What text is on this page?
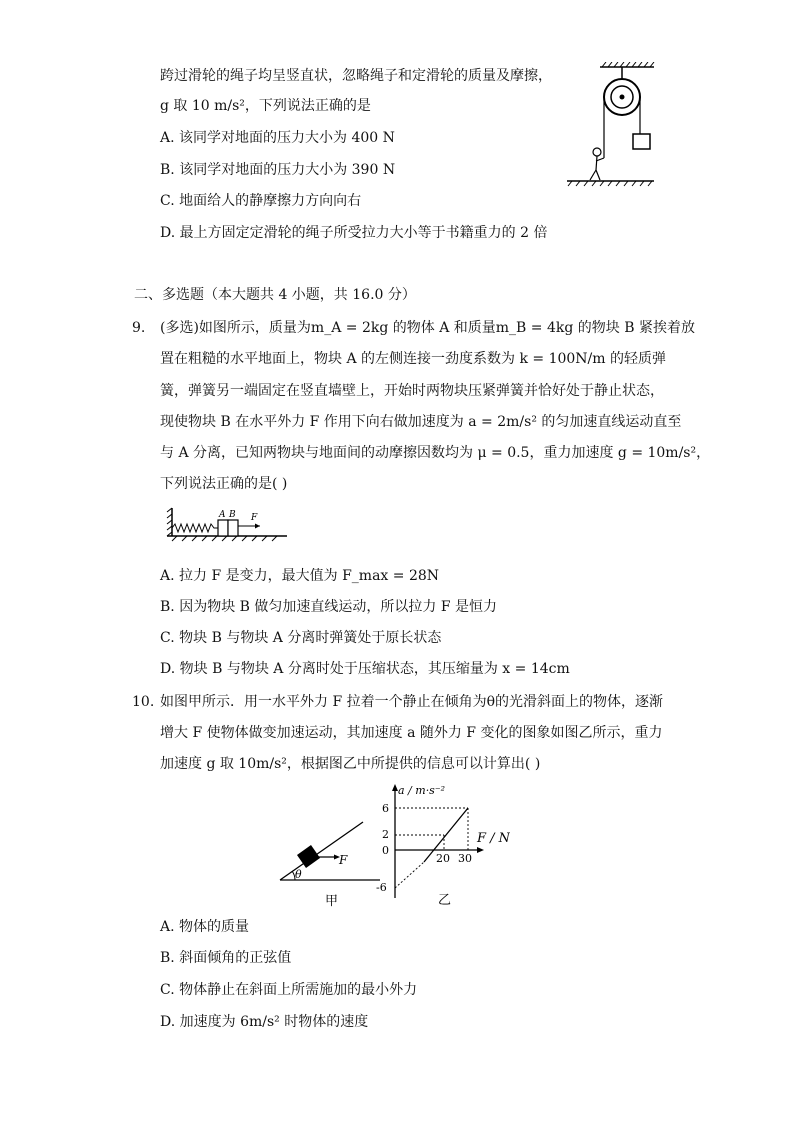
跨过滑轮的绳子均呈竖直状，忽略绳子和定滑轮的质量及摩擦，
g 取 10 m/s²，下列说法正确的是
A. 该同学对地面的压力大小为 400 N
B. 该同学对地面的压力大小为 390 N
C. 地面给人的静摩擦力方向向右
D. 最上方固定定滑轮的绳子所受拉力大小等于书籍重力的 2 倍
二、多选题（本大题共 4 小题，共 16.0 分）
9. (多选)如图所示，质量为m_A = 2kg 的物体 A 和质量m_B = 4kg 的物块 B 紧挨着放
置在粗糙的水平地面上，物块 A 的左侧连接一劲度系数为 k = 100N/m 的轻质弹
簧，弹簧另一端固定在竖直墙壁上，开始时两物块压紧弹簧并恰好处于静止状态，
现使物块 B 在水平外力 F 作用下向右做加速度为 a = 2m/s² 的匀加速直线运动直至
与 A 分离，已知两物块与地面间的动摩擦因数均为 μ = 0.5，重力加速度 g = 10m/s²，
下列说法正确的是( )
A B F
A. 拉力 F 是变力，最大值为 F_max = 28N
B. 因为物块 B 做匀加速直线运动，所以拉力 F 是恒力
C. 物块 B 与物块 A 分离时弹簧处于原长状态
D. 物块 B 与物块 A 分离时处于压缩状态，其压缩量为 x = 14cm
10. 如图甲所示．用一水平外力 F 拉着一个静止在倾角为θ的光滑斜面上的物体，逐渐
增大 F 使物体做变加速运动，其加速度 a 随外力 F 变化的图象如图乙所示，重力
加速度 g 取 10m/s²，根据图乙中所提供的信息可以计算出( )
F
θ
甲
a / m·s⁻²
F / N
6
2
0
-6
20 30
乙
A. 物体的质量
B. 斜面倾角的正弦值
C. 物体静止在斜面上所需施加的最小外力
D. 加速度为 6m/s² 时物体的速度
